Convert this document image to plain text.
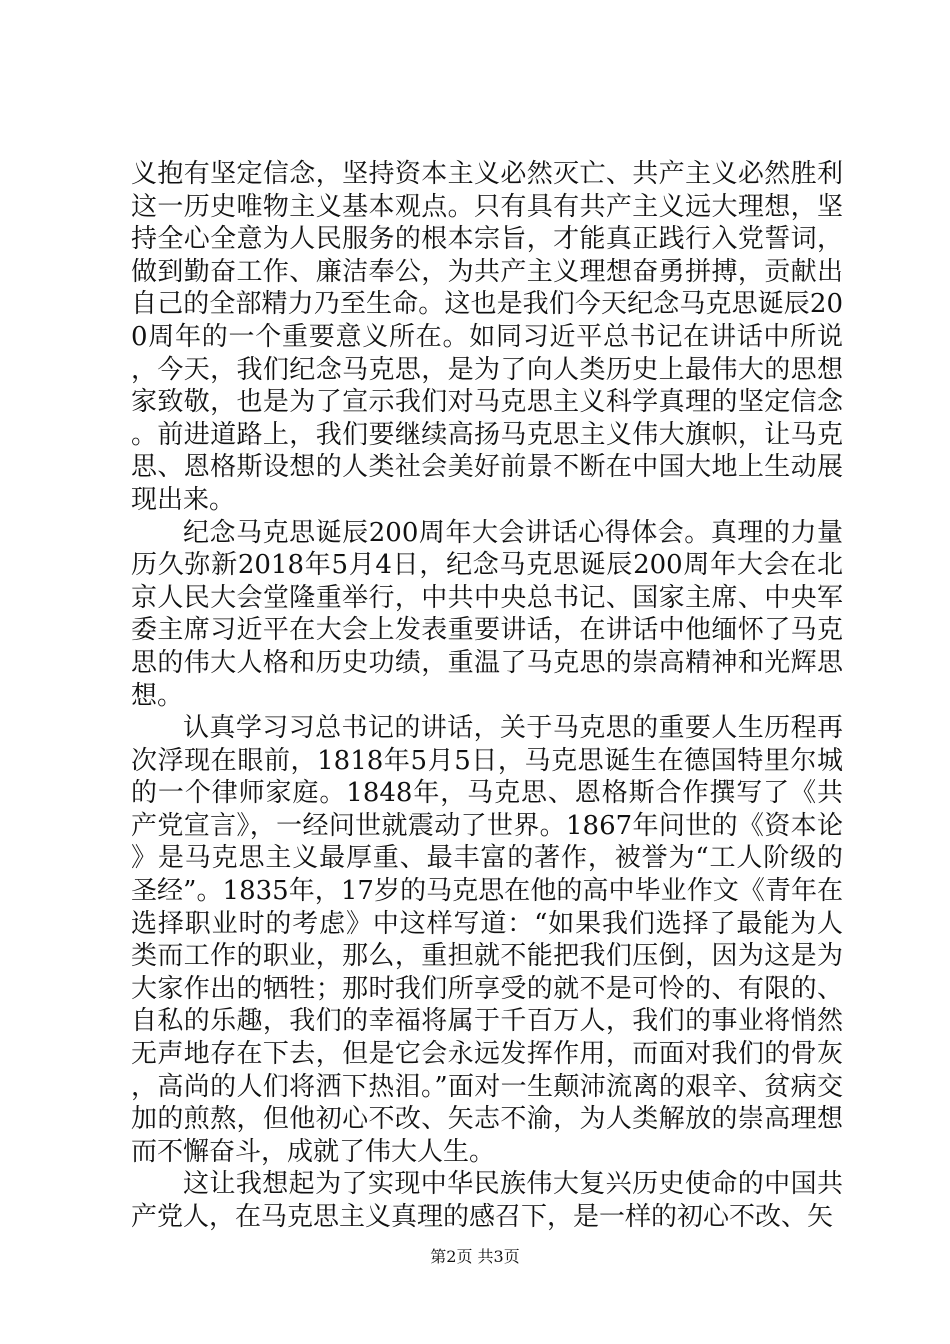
义抱有坚定信念，坚持资本主义必然灭亡、共产主义必然胜利这一历史唯物主义基本观点。只有具有共产主义远大理想，坚持全心全意为人民服务的根本宗旨，才能真正践行入党誓词，做到勤奋工作、廉洁奉公，为共产主义理想奋勇拼搏，贡献出自己的全部精力乃至生命。这也是我们今天纪念马克思诞辰200周年的一个重要意义所在。如同习近平总书记在讲话中所说，今天，我们纪念马克思，是为了向人类历史上最伟大的思想家致敬，也是为了宣示我们对马克思主义科学真理的坚定信念。前进道路上，我们要继续高扬马克思主义伟大旗帜，让马克思、恩格斯设想的人类社会美好前景不断在中国大地上生动展现出来。

纪念马克思诞辰200周年大会讲话心得体会。真理的力量历久弥新2018年5月4日，纪念马克思诞辰200周年大会在北京人民大会堂隆重举行，中共中央总书记、国家主席、中央军委主席习近平在大会上发表重要讲话，在讲话中他缅怀了马克思的伟大人格和历史功绩，重温了马克思的崇高精神和光辉思想。

认真学习习总书记的讲话，关于马克思的重要人生历程再次浮现在眼前，1818年5月5日，马克思诞生在德国特里尔城的一个律师家庭。1848年，马克思、恩格斯合作撰写了《共产党宣言》，一经问世就震动了世界。1867年问世的《资本论》是马克思主义最厚重、最丰富的著作，被誉为“工人阶级的圣经”。1835年，17岁的马克思在他的高中毕业作文《青年在选择职业时的考虑》中这样写道：“如果我们选择了最能为人类而工作的职业，那么，重担就不能把我们压倒，因为这是为大家作出的牺牲；那时我们所享受的就不是可怜的、有限的、自私的乐趣，我们的幸福将属于千百万人，我们的事业将悄然无声地存在下去，但是它会永远发挥作用，而面对我们的骨灰，高尚的人们将洒下热泪。”面对一生颠沛流离的艰辛、贫病交加的煎熬，但他初心不改、矢志不渝，为人类解放的崇高理想而不懈奋斗，成就了伟大人生。

这让我想起为了实现中华民族伟大复兴历史使命的中国共产党人，在马克思主义真理的感召下，是一样的初心不改、矢

第2页 共3页
